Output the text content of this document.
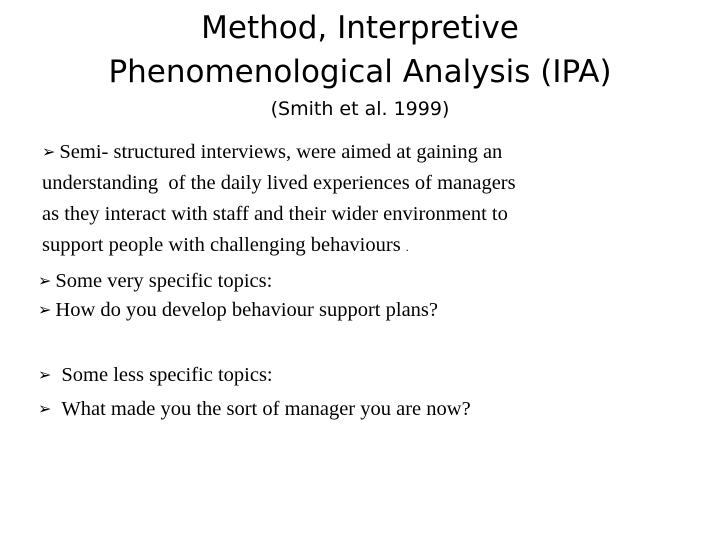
Method, Interpretive
Phenomenological Analysis (IPA)
(Smith et al. 1999)
➢ Semi- structured interviews, were aimed at gaining an
understanding  of the daily lived experiences of managers
as they interact with staff and their wider environment to
support people with challenging behaviours .
➢ Some very specific topics:
➢ How do you develop behaviour support plans?
➢ Some less specific topics:
➢ What made you the sort of manager you are now?
